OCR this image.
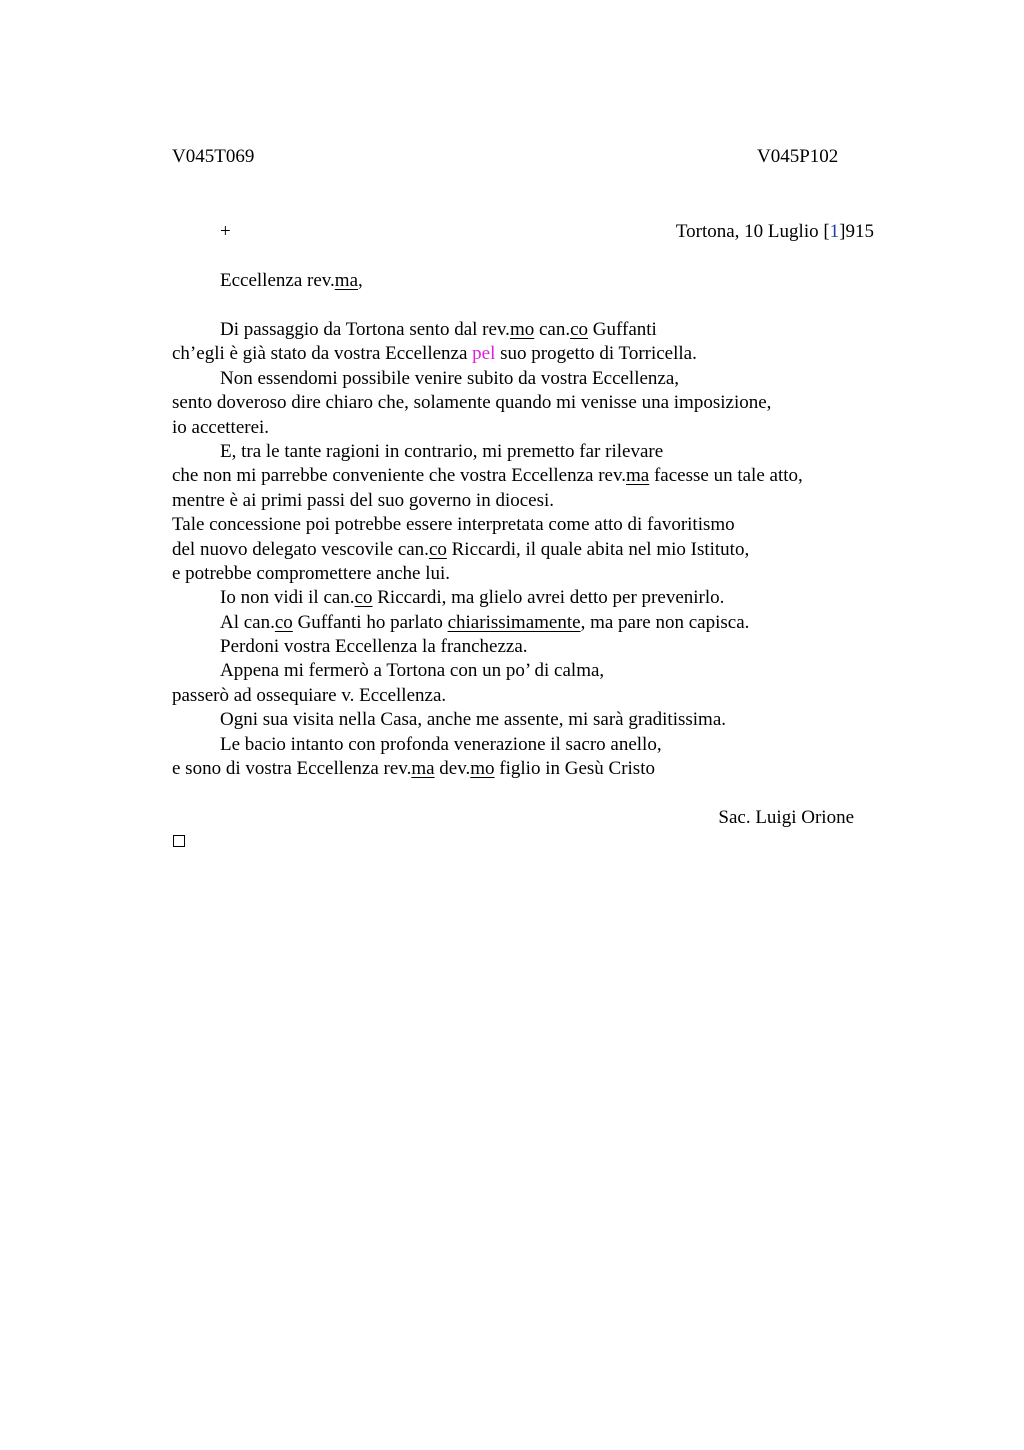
V045T069	V045P102
+	Tortona, 10 Luglio [1]915
Eccellenza rev.ma,
Di passaggio da Tortona sento dal rev.mo can.co Guffanti
ch’egli è già stato da vostra Eccellenza pel suo progetto di Torricella.
Non essendomi possibile venire subito da vostra Eccellenza,
sento doveroso dire chiaro che, solamente quando mi venisse una imposizione,
io accetterei.
E, tra le tante ragioni in contrario, mi premetto far rilevare
che non mi parrebbe conveniente che vostra Eccellenza rev.ma facesse un tale atto,
mentre è ai primi passi del suo governo in diocesi.
Tale concessione poi potrebbe essere interpretata come atto di favoritismo
del nuovo delegato vescovile can.co Riccardi, il quale abita nel mio Istituto,
e potrebbe compromettere anche lui.
Io non vidi il can.co Riccardi, ma glielo avrei detto per prevenirlo.
Al can.co Guffanti ho parlato chiarissimamente, ma pare non capisca.
Perdoni vostra Eccellenza la franchezza.
Appena mi fermerò a Tortona con un po’ di calma,
passerò ad ossequiare v. Eccellenza.
Ogni sua visita nella Casa, anche me assente, mi sarà graditissima.
Le bacio intanto con profonda venerazione il sacro anello,
e sono di vostra Eccellenza rev.ma dev.mo figlio in Gesù Cristo
Sac. Luigi Orione
